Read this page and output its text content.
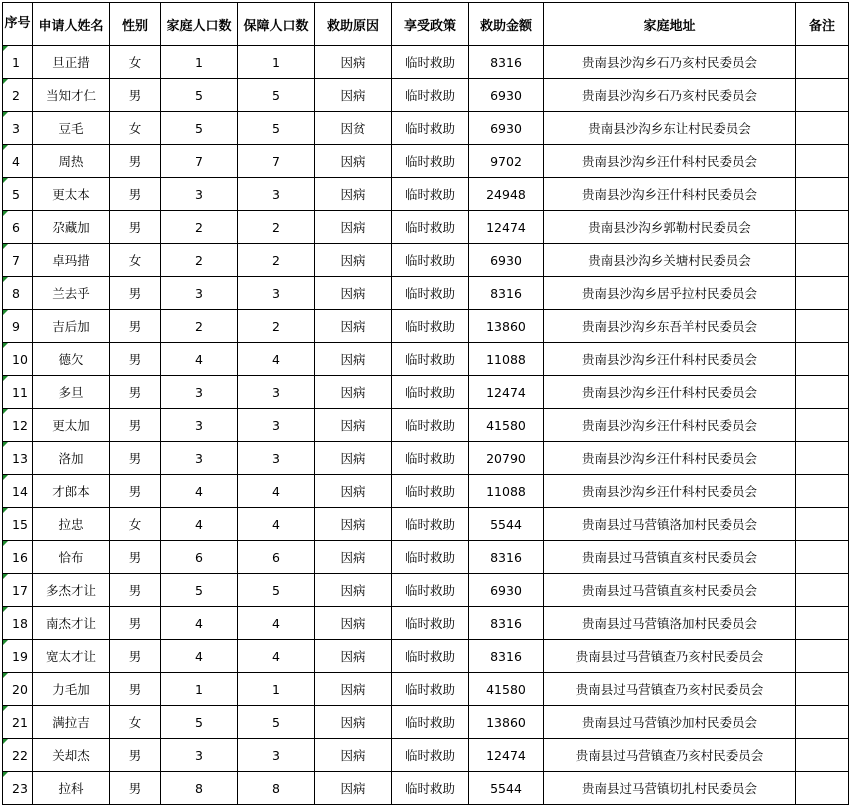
序号	申请人姓名	性别	家庭人口数	保障人口数	救助原因	享受政策	救助金额	家庭地址	备注
1	旦正措	女	1	1	因病	临时救助	8316	贵南县沙沟乡石乃亥村民委员会	
2	当知才仁	男	5	5	因病	临时救助	6930	贵南县沙沟乡石乃亥村民委员会	
3	豆毛	女	5	5	因贫	临时救助	6930	贵南县沙沟乡东让村民委员会	
4	周热	男	7	7	因病	临时救助	9702	贵南县沙沟乡汪什科村民委员会	
5	更太本	男	3	3	因病	临时救助	24948	贵南县沙沟乡汪什科村民委员会	
6	尕藏加	男	2	2	因病	临时救助	12474	贵南县沙沟乡郭勒村民委员会	
7	卓玛措	女	2	2	因病	临时救助	6930	贵南县沙沟乡关塘村民委员会	
8	兰去乎	男	3	3	因病	临时救助	8316	贵南县沙沟乡居乎拉村民委员会	
9	吉后加	男	2	2	因病	临时救助	13860	贵南县沙沟乡东吾羊村民委员会	
10	德欠	男	4	4	因病	临时救助	11088	贵南县沙沟乡汪什科村民委员会	
11	多旦	男	3	3	因病	临时救助	12474	贵南县沙沟乡汪什科村民委员会	
12	更太加	男	3	3	因病	临时救助	41580	贵南县沙沟乡汪什科村民委员会	
13	洛加	男	3	3	因病	临时救助	20790	贵南县沙沟乡汪什科村民委员会	
14	才郎本	男	4	4	因病	临时救助	11088	贵南县沙沟乡汪什科村民委员会	
15	拉忠	女	4	4	因病	临时救助	5544	贵南县过马营镇洛加村民委员会	
16	恰布	男	6	6	因病	临时救助	8316	贵南县过马营镇直亥村民委员会	
17	多杰才让	男	5	5	因病	临时救助	6930	贵南县过马营镇直亥村民委员会	
18	南杰才让	男	4	4	因病	临时救助	8316	贵南县过马营镇洛加村民委员会	
19	宽太才让	男	4	4	因病	临时救助	8316	贵南县过马营镇查乃亥村民委员会	
20	力毛加	男	1	1	因病	临时救助	41580	贵南县过马营镇查乃亥村民委员会	
21	满拉吉	女	5	5	因病	临时救助	13860	贵南县过马营镇沙加村民委员会	
22	关却杰	男	3	3	因病	临时救助	12474	贵南县过马营镇查乃亥村民委员会	
23	拉科	男	8	8	因病	临时救助	5544	贵南县过马营镇切扎村民委员会	
